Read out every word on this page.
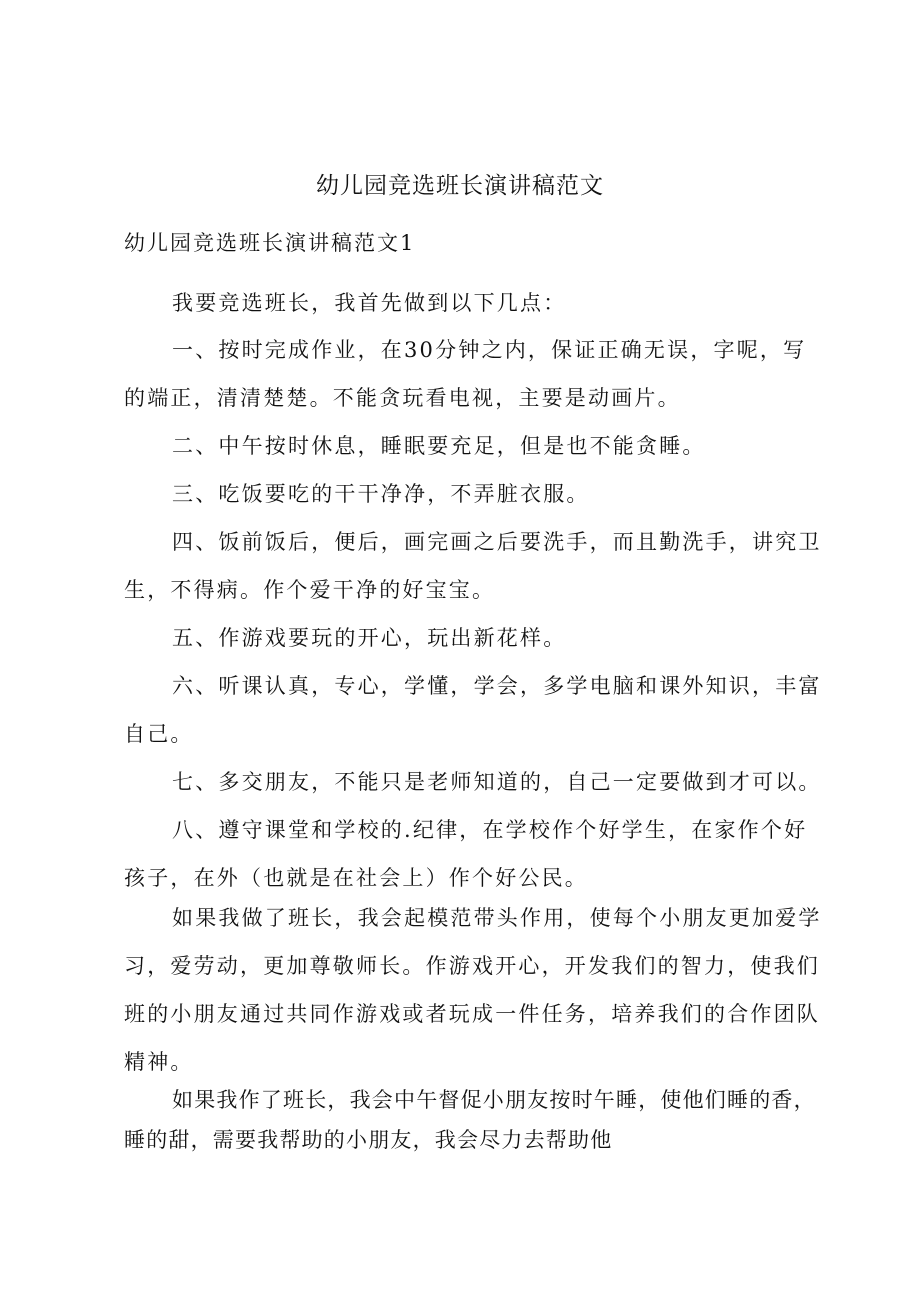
幼儿园竞选班长演讲稿范文
幼儿园竞选班长演讲稿范文1

我要竞选班长，我首先做到以下几点：

一、按时完成作业，在30分钟之内，保证正确无误，字呢，写的端正，清清楚楚。不能贪玩看电视，主要是动画片。

二、中午按时休息，睡眠要充足，但是也不能贪睡。

三、吃饭要吃的干干净净，不弄脏衣服。

四、饭前饭后，便后，画完画之后要洗手，而且勤洗手，讲究卫生，不得病。作个爱干净的好宝宝。

五、作游戏要玩的开心，玩出新花样。

六、听课认真，专心，学懂，学会，多学电脑和课外知识，丰富自己。

七、多交朋友，不能只是老师知道的，自己一定要做到才可以。

八、遵守课堂和学校的.纪律，在学校作个好学生，在家作个好孩子，在外（也就是在社会上）作个好公民。

如果我做了班长，我会起模范带头作用，使每个小朋友更加爱学习，爱劳动，更加尊敬师长。作游戏开心，开发我们的智力，使我们班的小朋友通过共同作游戏或者玩成一件任务，培养我们的合作团队精神。

如果我作了班长，我会中午督促小朋友按时午睡，使他们睡的香，睡的甜，需要我帮助的小朋友，我会尽力去帮助他
